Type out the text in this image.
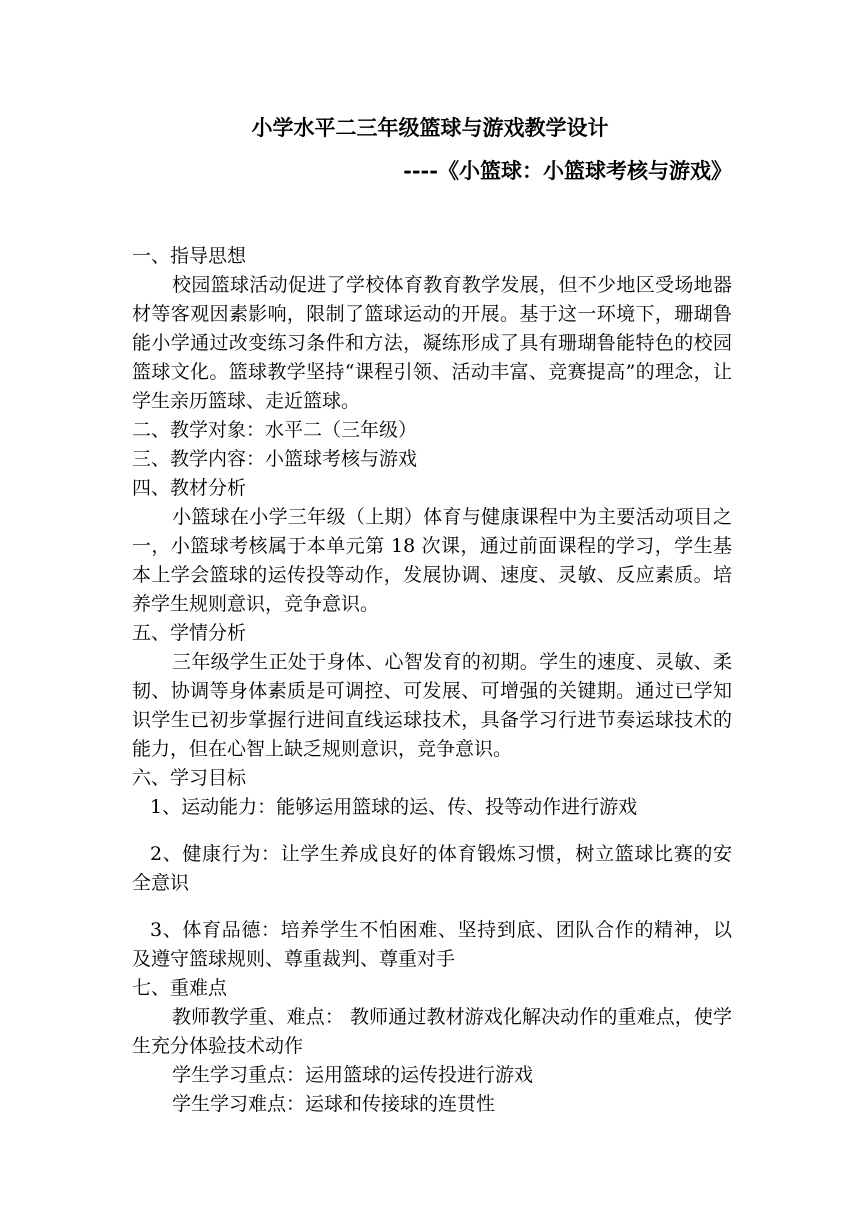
小学水平二三年级篮球与游戏教学设计
----《小篮球：小篮球考核与游戏》

一、指导思想

校园篮球活动促进了学校体育教育教学发展，但不少地区受场地器材等客观因素影响，限制了篮球运动的开展。基于这一环境下，珊瑚鲁能小学通过改变练习条件和方法，凝练形成了具有珊瑚鲁能特色的校园篮球文化。篮球教学坚持“课程引领、活动丰富、竞赛提高”的理念，让学生亲历篮球、走近篮球。

二、教学对象：水平二（三年级）

三、教学内容：小篮球考核与游戏

四、教材分析

小篮球在小学三年级（上期）体育与健康课程中为主要活动项目之一，小篮球考核属于本单元第 18 次课，通过前面课程的学习，学生基本上学会篮球的运传投等动作，发展协调、速度、灵敏、反应素质。培养学生规则意识，竞争意识。

五、学情分析

三年级学生正处于身体、心智发育的初期。学生的速度、灵敏、柔韧、协调等身体素质是可调控、可发展、可增强的关键期。通过已学知识学生已初步掌握行进间直线运球技术，具备学习行进节奏运球技术的能力，但在心智上缺乏规则意识，竞争意识。

六、学习目标

1、运动能力：能够运用篮球的运、传、投等动作进行游戏

2、健康行为：让学生养成良好的体育锻炼习惯，树立篮球比赛的安全意识

3、体育品德：培养学生不怕困难、坚持到底、团队合作的精神，以及遵守篮球规则、尊重裁判、尊重对手

七、重难点

教师教学重、难点： 教师通过教材游戏化解决动作的重难点，使学生充分体验技术动作

学生学习重点：运用篮球的运传投进行游戏

学生学习难点：运球和传接球的连贯性
